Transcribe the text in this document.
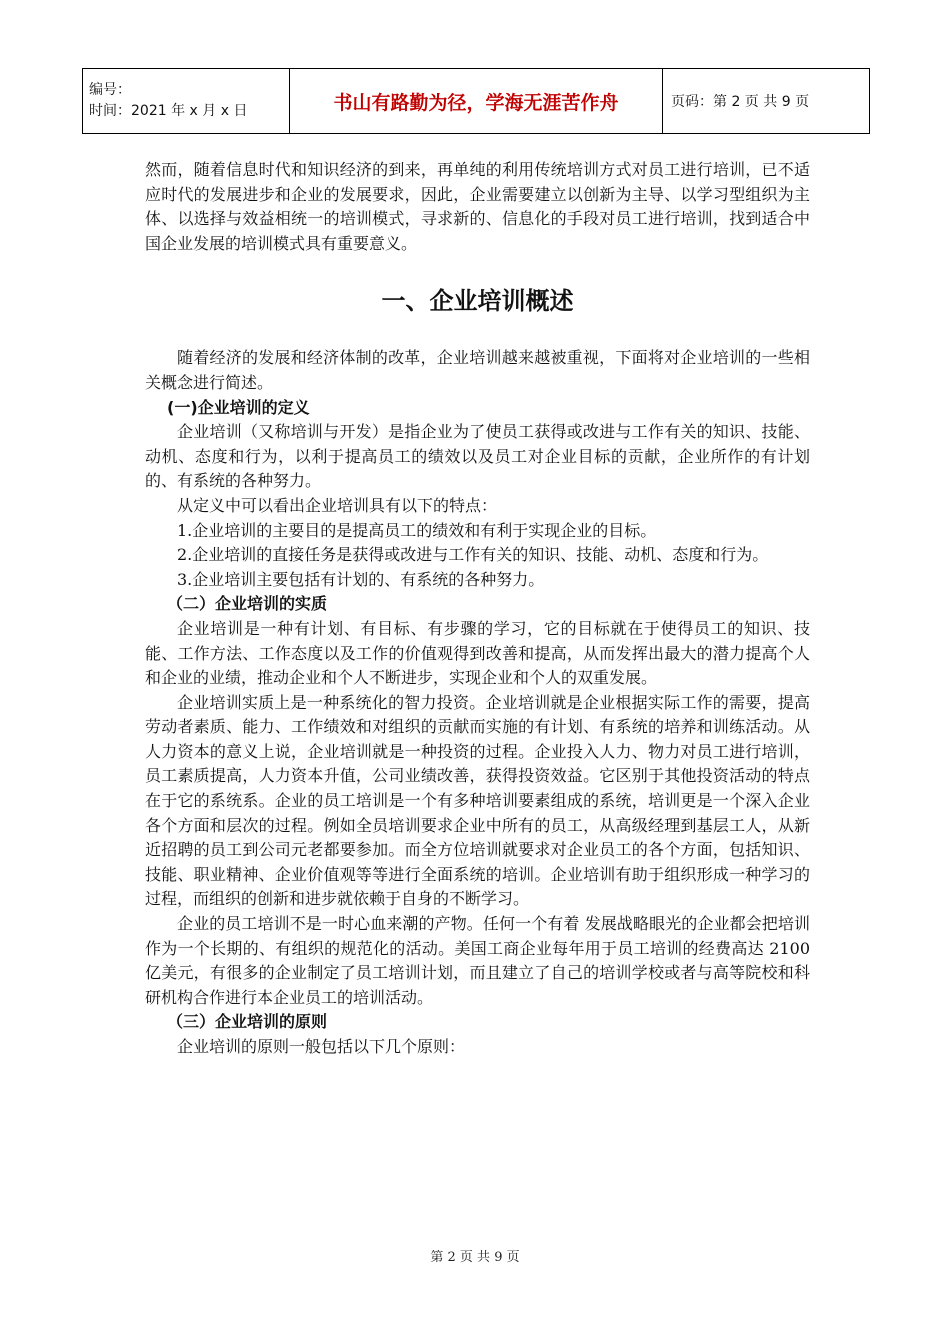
编号：
时间：2021 年 x 月 x 日	书山有路勤为径，学海无涯苦作舟	页码：第 2 页 共 9 页

然而，随着信息时代和知识经济的到来，再单纯的利用传统培训方式对员工进行培训，已不适应时代的发展进步和企业的发展要求，因此，企业需要建立以创新为主导、以学习型组织为主体、以选择与效益相统一的培训模式，寻求新的、信息化的手段对员工进行培训，找到适合中国企业发展的培训模式具有重要意义。

一、企业培训概述

随着经济的发展和经济体制的改革，企业培训越来越被重视，下面将对企业培训的一些相关概念进行简述。

(一)企业培训的定义

企业培训（又称培训与开发）是指企业为了使员工获得或改进与工作有关的知识、技能、动机、态度和行为，以利于提高员工的绩效以及员工对企业目标的贡献，企业所作的有计划的、有系统的各种努力。

从定义中可以看出企业培训具有以下的特点：

1.企业培训的主要目的是提高员工的绩效和有利于实现企业的目标。

2.企业培训的直接任务是获得或改进与工作有关的知识、技能、动机、态度和行为。

3.企业培训主要包括有计划的、有系统的各种努力。

（二）企业培训的实质

企业培训是一种有计划、有目标、有步骤的学习，它的目标就在于使得员工的知识、技能、工作方法、工作态度以及工作的价值观得到改善和提高，从而发挥出最大的潜力提高个人和企业的业绩，推动企业和个人不断进步，实现企业和个人的双重发展。

企业培训实质上是一种系统化的智力投资。企业培训就是企业根据实际工作的需要，提高劳动者素质、能力、工作绩效和对组织的贡献而实施的有计划、有系统的培养和训练活动。从人力资本的意义上说，企业培训就是一种投资的过程。企业投入人力、物力对员工进行培训，员工素质提高，人力资本升值，公司业绩改善，获得投资效益。它区别于其他投资活动的特点在于它的系统系。企业的员工培训是一个有多种培训要素组成的系统，培训更是一个深入企业各个方面和层次的过程。例如全员培训要求企业中所有的员工，从高级经理到基层工人，从新近招聘的员工到公司元老都要参加。而全方位培训就要求对企业员工的各个方面，包括知识、技能、职业精神、企业价值观等等进行全面系统的培训。企业培训有助于组织形成一种学习的过程，而组织的创新和进步就依赖于自身的不断学习。

企业的员工培训不是一时心血来潮的产物。任何一个有着 发展战略眼光的企业都会把培训作为一个长期的、有组织的规范化的活动。美国工商企业每年用于员工培训的经费高达 2100 亿美元，有很多的企业制定了员工培训计划，而且建立了自己的培训学校或者与高等院校和科研机构合作进行本企业员工的培训活动。

（三）企业培训的原则

企业培训的原则一般包括以下几个原则：

第 2 页 共 9 页
